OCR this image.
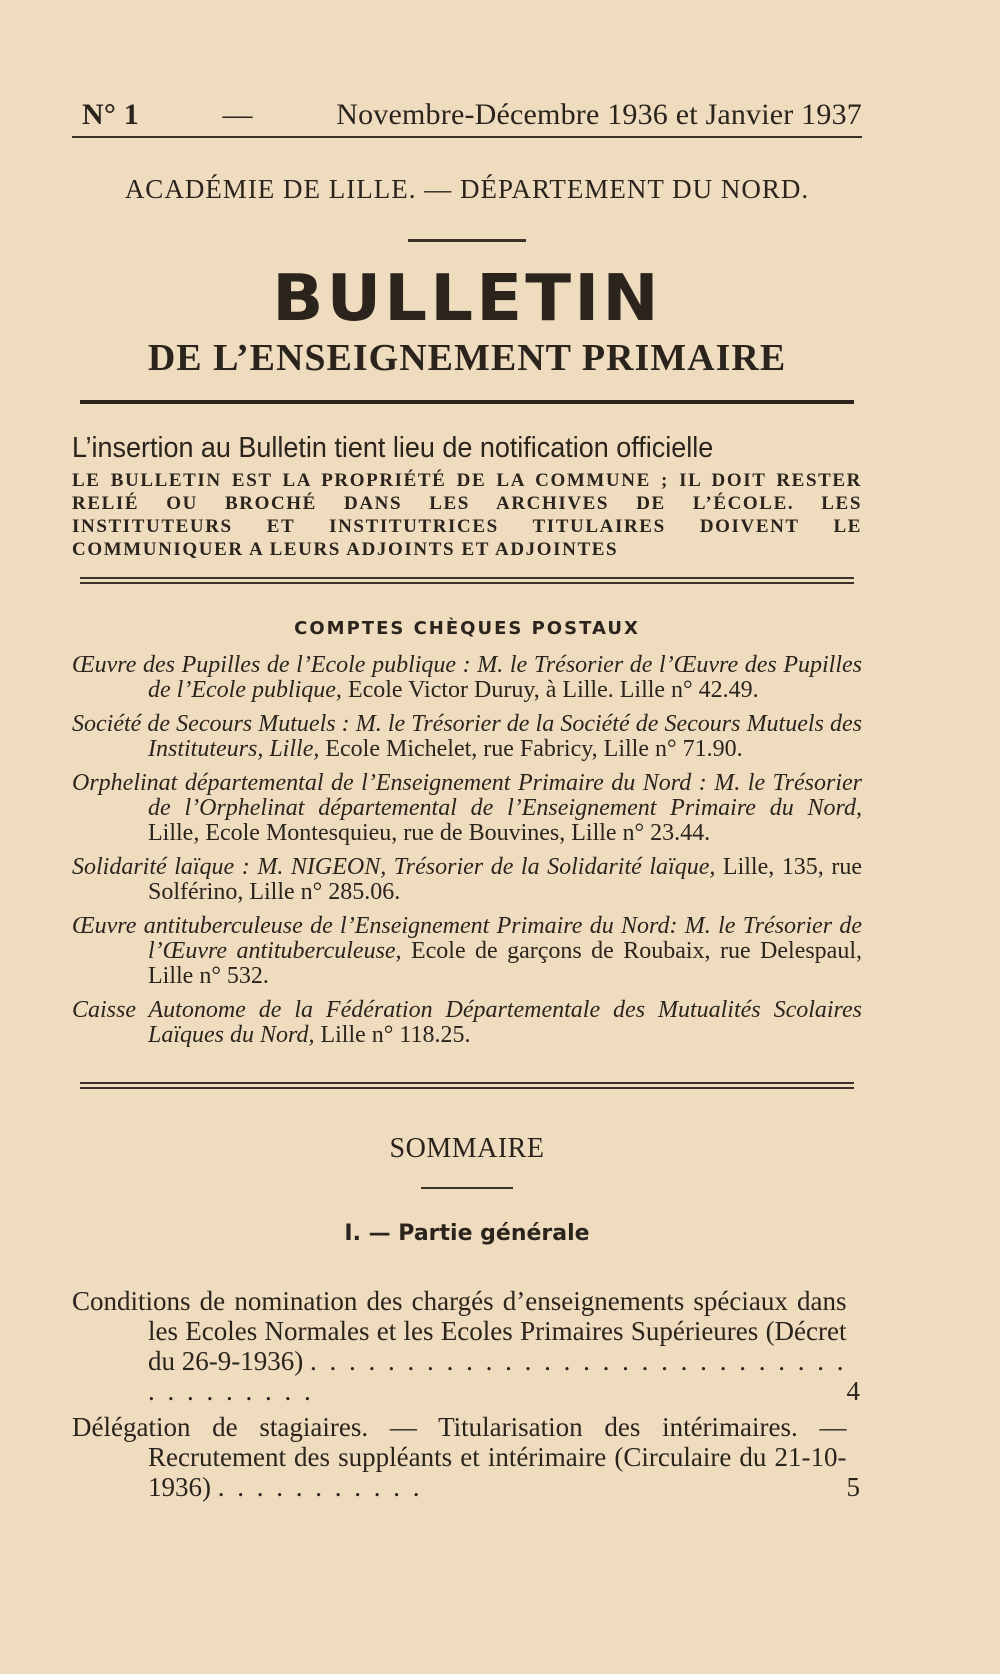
N° 1	—	Novembre-Décembre 1936 et Janvier 1937
ACADÉMIE DE LILLE. — DÉPARTEMENT DU NORD.
BULLETIN
DE L’ENSEIGNEMENT PRIMAIRE
L’insertion au Bulletin tient lieu de notification officielle
LE BULLETIN EST LA PROPRIÉTÉ DE LA COMMUNE ; IL DOIT RESTER RELIÉ OU BROCHÉ DANS LES ARCHIVES DE L’ÉCOLE. LES INSTITUTEURS ET INSTITUTRICES TITULAIRES DOIVENT LE COMMUNIQUER A LEURS ADJOINTS ET ADJOINTES
COMPTES CHÈQUES POSTAUX
Œuvre des Pupilles de l’Ecole publique : M. le Trésorier de l’Œuvre des Pupilles de l’Ecole publique, Ecole Victor Duruy, à Lille. Lille n° 42.49.
Société de Secours Mutuels : M. le Trésorier de la Société de Secours Mutuels des Instituteurs, Lille, Ecole Michelet, rue Fabricy, Lille n° 71.90.
Orphelinat départemental de l’Enseignement Primaire du Nord : M. le Trésorier de l’Orphelinat départemental de l’Enseignement Primaire du Nord, Lille, Ecole Montesquieu, rue de Bouvines, Lille n° 23.44.
Solidarité laïque : M. NIGEON, Trésorier de la Solidarité laïque, Lille, 135, rue Solférino, Lille n° 285.06.
Œuvre antituberculeuse de l’Enseignement Primaire du Nord: M. le Trésorier de l’Œuvre antituberculeuse, Ecole de garçons de Roubaix, rue Delespaul, Lille n° 532.
Caisse Autonome de la Fédération Départementale des Mutualités Scolaires Laïques du Nord, Lille n° 118.25.
SOMMAIRE
I. — Partie générale
Conditions de nomination des chargés d’enseignements spéciaux dans les Ecoles Normales et les Ecoles Primaires Supérieures (Décret du 26-9-1936) . . . . . . . . . . . . . . . . . . . . . . . . . . . . . . . . . . . . .	4
Délégation de stagiaires. — Titularisation des intérimaires. — Recrutement des suppléants et intérimaire (Circulaire du 21-10-1936) . . . . . . . . . . .	5
